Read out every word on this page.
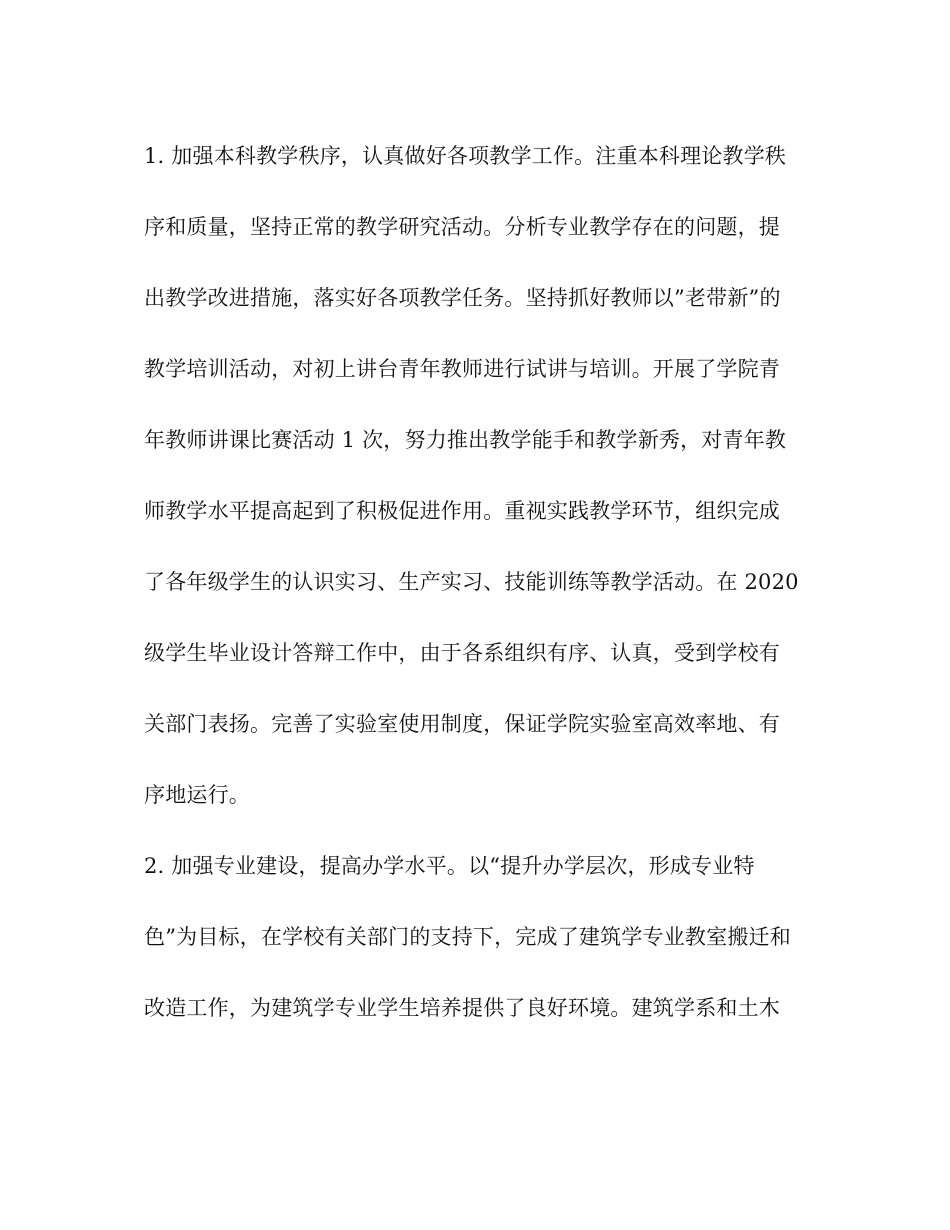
1. 加强本科教学秩序，认真做好各项教学工作。注重本科理论教学秩
序和质量，坚持正常的教学研究活动。分析专业教学存在的问题，提
出教学改进措施，落实好各项教学任务。坚持抓好教师以”老带新”的
教学培训活动，对初上讲台青年教师进行试讲与培训。开展了学院青
年教师讲课比赛活动 1 次，努力推出教学能手和教学新秀，对青年教
师教学水平提高起到了积极促进作用。重视实践教学环节，组织完成
了各年级学生的认识实习、生产实习、技能训练等教学活动。在 2020
级学生毕业设计答辩工作中，由于各系组织有序、认真，受到学校有
关部门表扬。完善了实验室使用制度，保证学院实验室高效率地、有
序地运行。
2. 加强专业建设，提高办学水平。以“提升办学层次，形成专业特
色”为目标，在学校有关部门的支持下，完成了建筑学专业教室搬迁和
改造工作，为建筑学专业学生培养提供了良好环境。建筑学系和土木
